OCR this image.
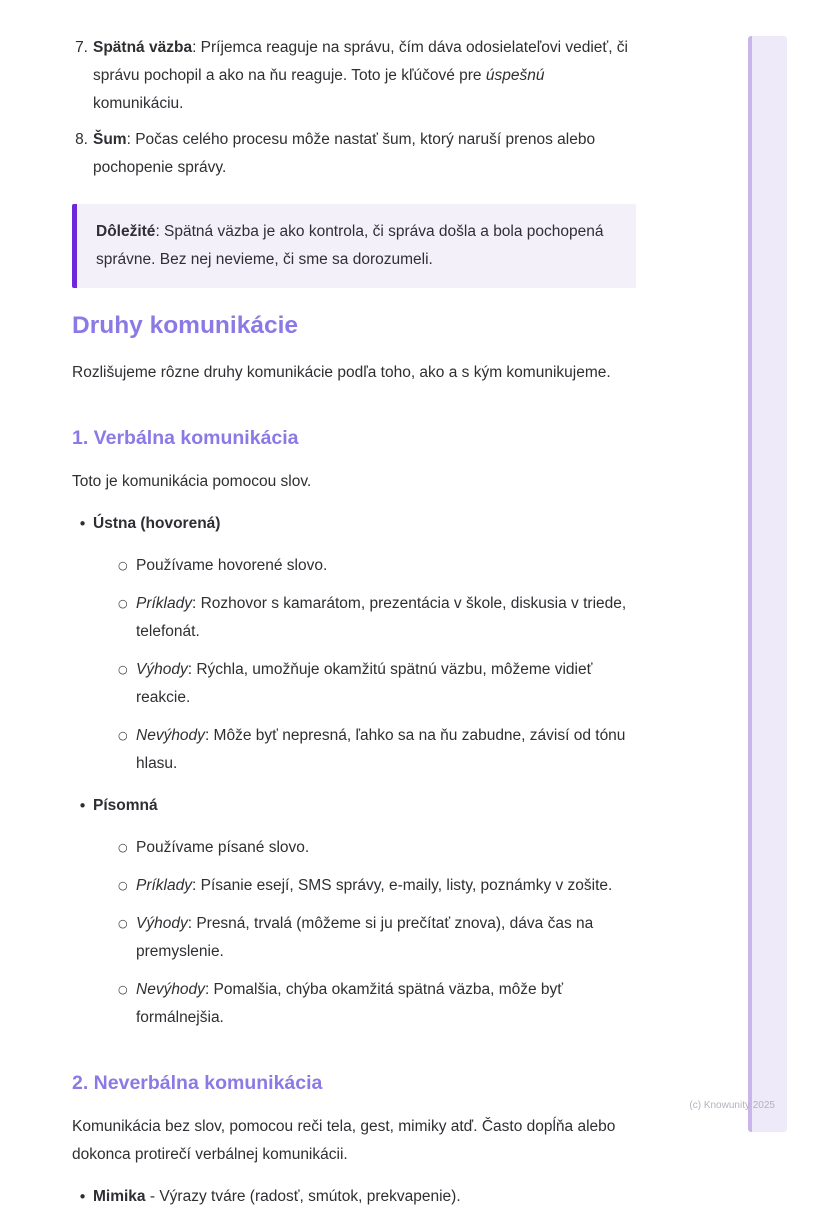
7. Spätná väzba: Príjemca reaguje na správu, čím dáva odosielateľovi vedieť, či správu pochopil a ako na ňu reaguje. Toto je kľúčové pre úspešnú komunikáciu.
8. Šum: Počas celého procesu môže nastať šum, ktorý naruší prenos alebo pochopenie správy.

Dôležité: Spätná väzba je ako kontrola, či správa došla a bola pochopená správne. Bez nej nevieme, či sme sa dorozumeli.

Druhy komunikácie

Rozlišujeme rôzne druhy komunikácie podľa toho, ako a s kým komunikujeme.

1. Verbálna komunikácia

Toto je komunikácia pomocou slov.

• Ústna (hovorená)
○ Používame hovorené slovo.
○ Príklady: Rozhovor s kamarátom, prezentácia v škole, diskusia v triede, telefonát.
○ Výhody: Rýchla, umožňuje okamžitú spätnú väzbu, môžeme vidieť reakcie.
○ Nevýhody: Môže byť nepresná, ľahko sa na ňu zabudne, závisí od tónu hlasu.
• Písomná
○ Používame písané slovo.
○ Príklady: Písanie esejí, SMS správy, e-maily, listy, poznámky v zošite.
○ Výhody: Presná, trvalá (môžeme si ju prečítať znova), dáva čas na premyslenie.
○ Nevýhody: Pomalšia, chýba okamžitá spätná väzba, môže byť formálnejšia.
2. Neverbálna komunikácia

Komunikácia bez slov, pomocou reči tela, gest, mimiky atď. Často dopĺňa alebo dokonca protirečí verbálnej komunikácii.

• Mimika - Výrazy tváre (radosť, smútok, prekvapenie).
(c) Knowunity 2025
